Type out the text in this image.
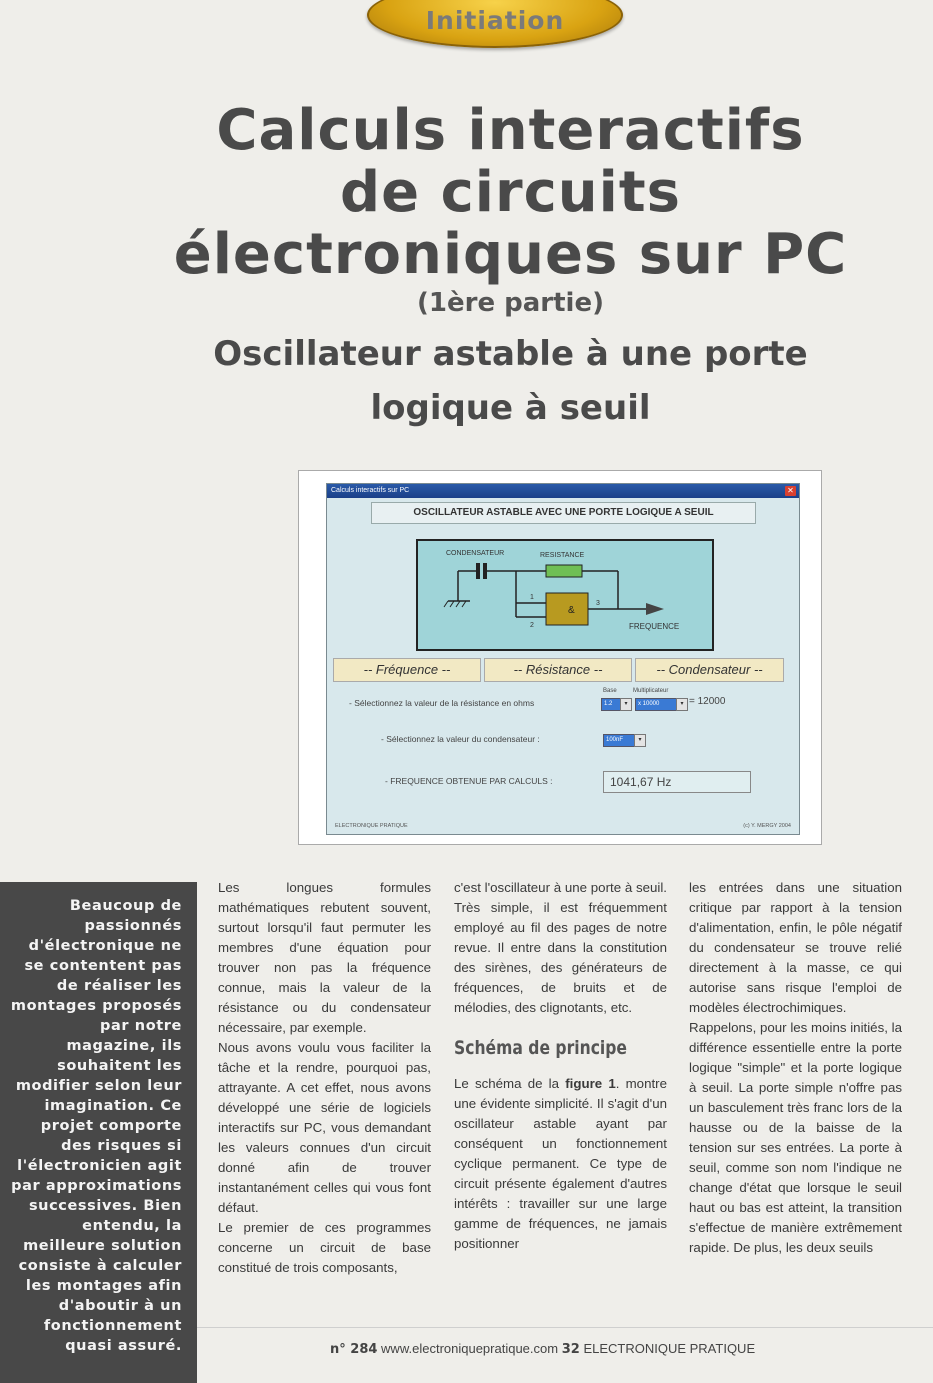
Initiation
Calculs interactifs
de circuits
électroniques sur PC
(1ère partie)
Oscillateur astable à une porte
logique à seuil
Calculs interactifs sur PC	✕
OSCILLATEUR ASTABLE AVEC UNE PORTE LOGIQUE A SEUIL
CONDENSATEUR	RESISTANCE
FREQUENCE
1
2
&
3
-- Fréquence --	-- Résistance --	-- Condensateur --
Base	Multiplicateur
- Sélectionnez la valeur de la résistance en ohms	1.2	▾	x 10000	▾ = 12000
- Sélectionnez la valeur du condensateur :	100nF	▾
- FREQUENCE OBTENUE PAR CALCULS :	1041,67 Hz
ELECTRONIQUE PRATIQUE	(c) Y. MERGY 2004

Beaucoup de passionnés d'électronique ne se contentent pas de réaliser les montages proposés par notre magazine, ils souhaitent les modifier selon leur imagination. Ce projet comporte des risques si l'électronicien agit par approximations successives. Bien entendu, la meilleure solution consiste à calculer les montages afin d'aboutir à un fonctionnement quasi assuré.

Les longues formules mathématiques rebutent souvent, surtout lorsqu'il faut permuter les membres d'une équation pour trouver non pas la fréquence connue, mais la valeur de la résistance ou du condensateur nécessaire, par exemple.

Nous avons voulu vous faciliter la tâche et la rendre, pourquoi pas, attrayante. A cet effet, nous avons développé une série de logiciels interactifs sur PC, vous demandant les valeurs connues d'un circuit donné afin de trouver instantanément celles qui vous font défaut.

Le premier de ces programmes concerne un circuit de base constitué de trois composants,

c'est l'oscillateur à une porte à seuil. Très simple, il est fréquemment employé au fil des pages de notre revue. Il entre dans la constitution des sirènes, des générateurs de fréquences, de bruits et de mélodies, des clignotants, etc.

Schéma de principe

Le schéma de la figure 1. montre une évidente simplicité. Il s'agit d'un oscillateur astable ayant par conséquent un fonctionnement cyclique permanent. Ce type de circuit présente également d'autres intérêts : travailler sur une large gamme de fréquences, ne jamais positionner

les entrées dans une situation critique par rapport à la tension d'alimentation, enfin, le pôle négatif du condensateur se trouve relié directement à la masse, ce qui autorise sans risque l'emploi de modèles électrochimiques.

Rappelons, pour les moins initiés, la différence essentielle entre la porte logique "simple" et la porte logique à seuil. La porte simple n'offre pas un basculement très franc lors de la hausse ou de la baisse de la tension sur ses entrées. La porte à seuil, comme son nom l'indique ne change d'état que lorsque le seuil haut ou bas est atteint, la transition s'effectue de manière extrêmement rapide. De plus, les deux seuils

n° 284 www.electroniquepratique.com 32 ELECTRONIQUE PRATIQUE
